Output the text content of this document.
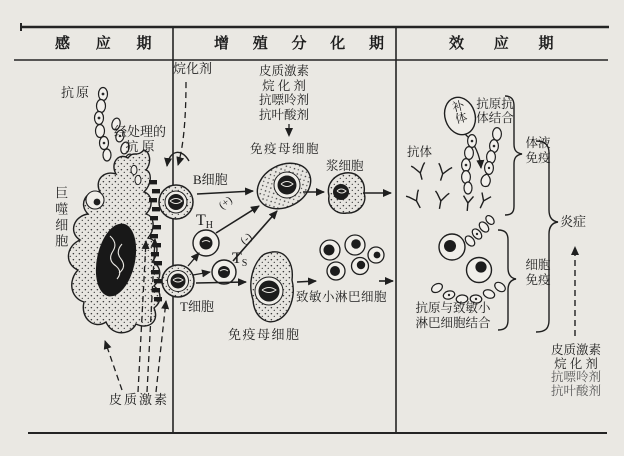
感 应 期	增 殖 分 化 期	效 应 期
抗原
经处理的
抗 原
巨噬细胞
皮质激素
烷化剂	皮质激素
烷 化 剂
抗嘌呤剂
抗叶酸剂
免疫母细胞
B细胞
$T_H$
(+)
$T_S$
(-)
T细胞
免疫母细胞
浆细胞
致敏小淋巴细胞
抗体
补体 抗原抗
体结合
体液
免疫
炎症
细胞
免疫
抗原与致敏小
淋巴细胞结合
皮质激素
烷 化 剂
抗嘌呤剂
抗叶酸剂
